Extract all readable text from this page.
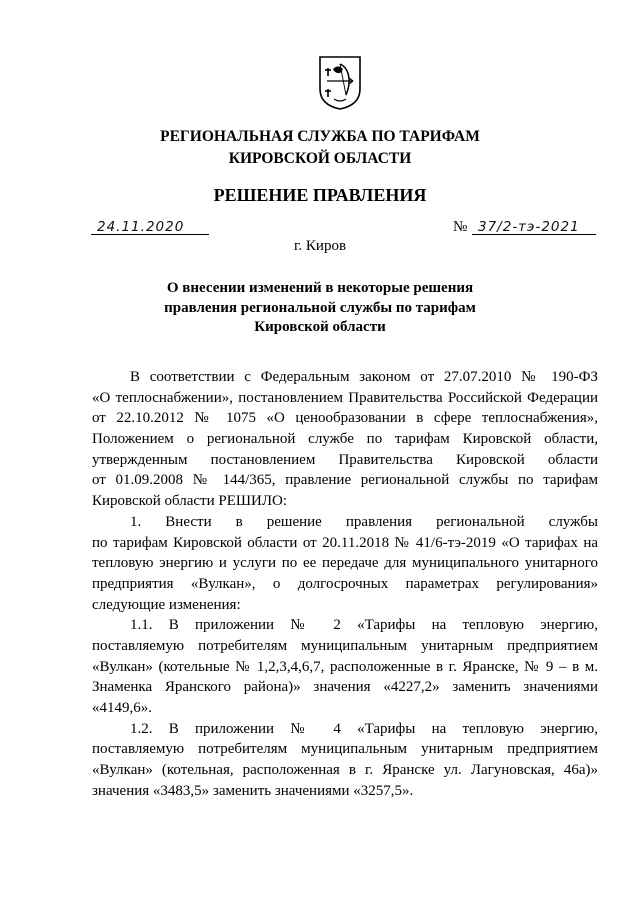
РЕГИОНАЛЬНАЯ СЛУЖБА ПО ТАРИФАМ
КИРОВСКОЙ ОБЛАСТИ
РЕШЕНИЕ ПРАВЛЕНИЯ
24.11.2020	№ 37/2-тэ-2021
г. Киров
О внесении изменений в некоторые решения
правления региональной службы по тарифам
Кировской области
В соответствии с Федеральным законом от 27.07.2010 № 190-ФЗ
«О теплоснабжении», постановлением Правительства Российской Федерации
от 22.10.2012 № 1075 «О ценообразовании в сфере теплоснабжения»,
Положением о региональной службе по тарифам Кировской области,
утвержденным постановлением Правительства Кировской области
от 01.09.2008 № 144/365, правление региональной службы по тарифам
Кировской области РЕШИЛО:
1. Внести в решение правления региональной службы
по тарифам Кировской области от 20.11.2018 № 41/6-тэ-2019 «О тарифах на
тепловую энергию и услуги по ее передаче для муниципального унитарного
предприятия «Вулкан», о долгосрочных параметрах регулирования»
следующие изменения:
1.1. В приложении № 2 «Тарифы на тепловую энергию,
поставляемую потребителям муниципальным унитарным предприятием
«Вулкан» (котельные № 1,2,3,4,6,7, расположенные в г. Яранске, № 9 – в м.
Знаменка Яранского района)» значения «4227,2» заменить значениями
«4149,6».
1.2. В приложении № 4 «Тарифы на тепловую энергию,
поставляемую потребителям муниципальным унитарным предприятием
«Вулкан» (котельная, расположенная в г. Яранске ул. Лагуновская, 46а)»
значения «3483,5» заменить значениями «3257,5».
